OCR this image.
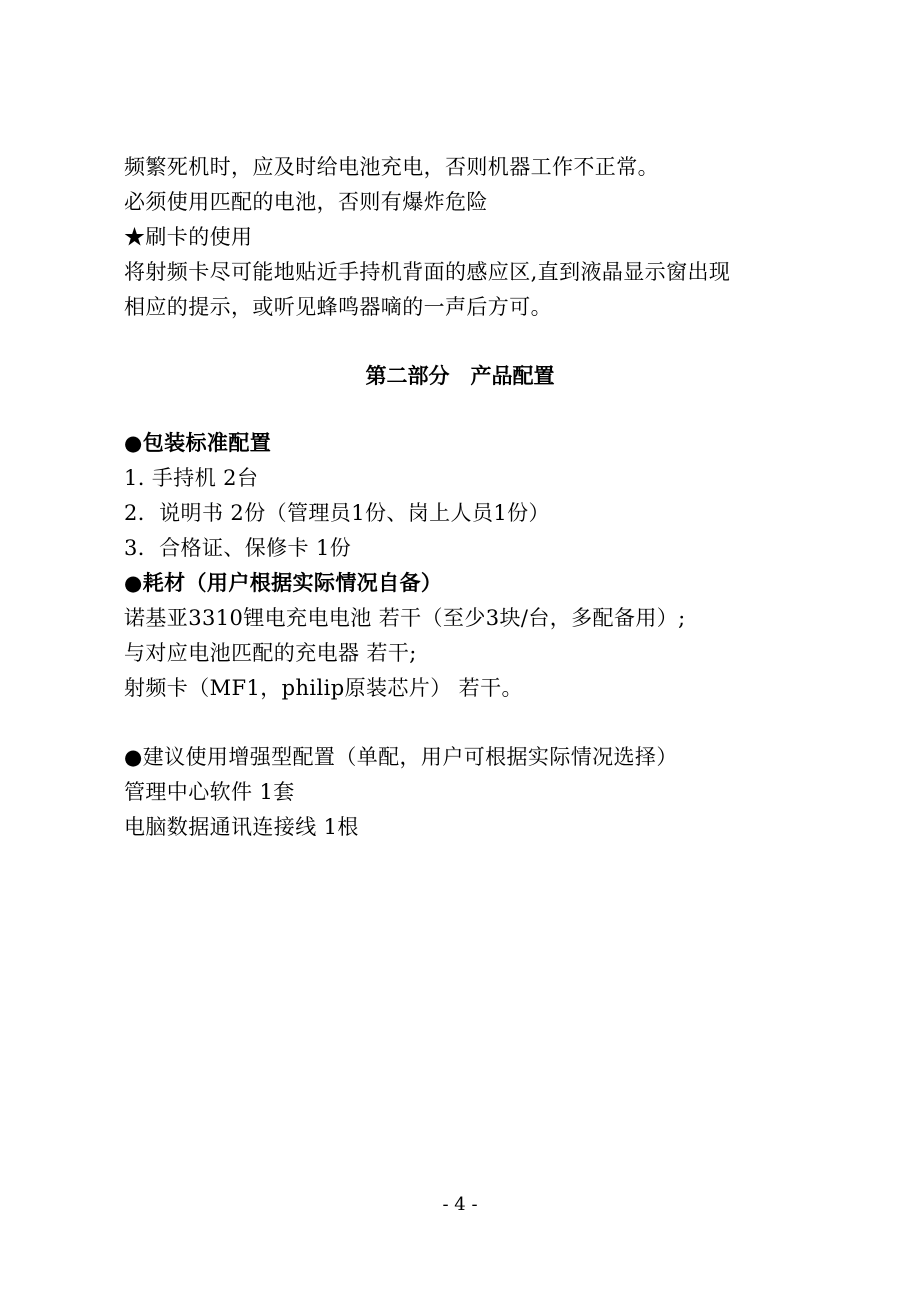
频繁死机时，应及时给电池充电，否则机器工作不正常。
必须使用匹配的电池，否则有爆炸危险
★刷卡的使用
将射频卡尽可能地贴近手持机背面的感应区,直到液晶显示窗出现
相应的提示，或听见蜂鸣器嘀的一声后方可。
第二部分　产品配置
●包装标准配置
1. 手持机 2台
2．说明书 2份（管理员1份、岗上人员1份）
3．合格证、保修卡 1份
●耗材（用户根据实际情况自备）
诺基亚3310锂电充电电池 若干（至少3块/台，多配备用）;
与对应电池匹配的充电器 若干;
射频卡（MF1，philip原装芯片） 若干。
●建议使用增强型配置（单配，用户可根据实际情况选择）
管理中心软件 1套
电脑数据通讯连接线 1根
- 4 -
